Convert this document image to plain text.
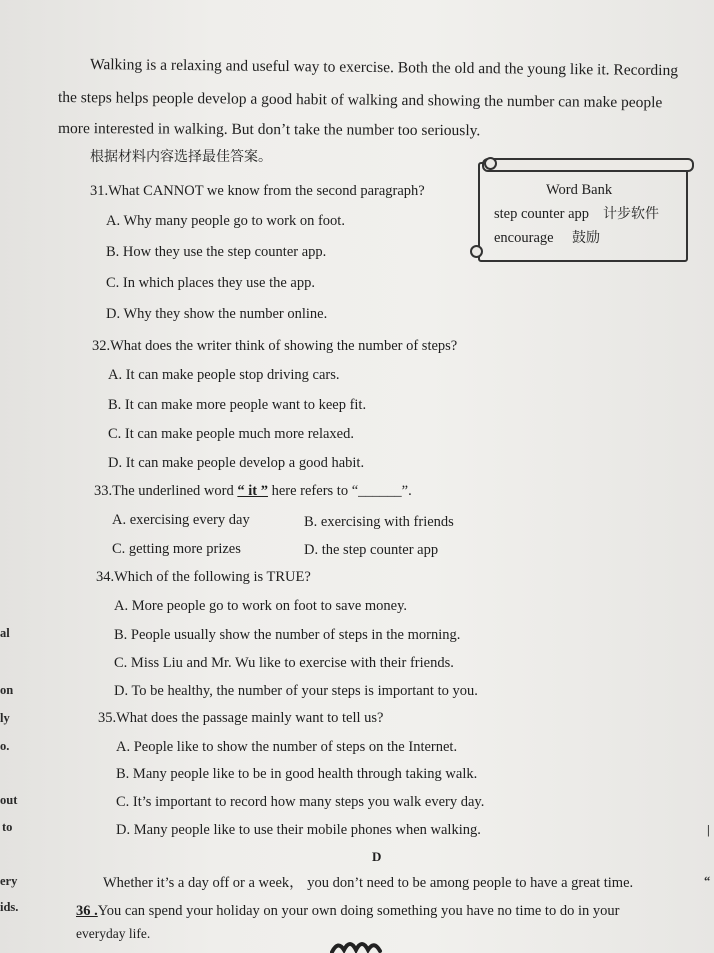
Walking is a relaxing and useful way to exercise. Both the old and the young like it. Recording
the steps helps people develop a good habit of walking and showing the number can make people
more interested in walking. But don’t take the number too seriously.
根据材料内容选择最佳答案。
Word Bank
step counter app 计步软件
encourage 鼓励
31.What CANNOT we know from the second paragraph?
A. Why many people go to work on foot.
B. How they use the step counter app.
C. In which places they use the app.
D. Why they show the number online.
32.What does the writer think of showing the number of steps?
A. It can make people stop driving cars.
B. It can make more people want to keep fit.
C. It can make people much more relaxed.
D. It can make people develop a good habit.
33.The underlined word “ it ” here refers to “______”.
A. exercising every day	B. exercising with friends
C. getting more prizes	D. the step counter app
34.Which of the following is TRUE?
A. More people go to work on foot to save money.
B. People usually show the number of steps in the morning.
C. Miss Liu and Mr. Wu like to exercise with their friends.
D. To be healthy, the number of your steps is important to you.
35.What does the passage mainly want to tell us?
A. People like to show the number of steps on the Internet.
B. Many people like to be in good health through taking walk.
C. It’s important to record how many steps you walk every day.
D. Many people like to use their mobile phones when walking.
D
Whether it’s a day off or a week， you don’t need to be among people to have a great time.
36 .You can spend your holiday on your own doing something you have no time to do in your
everyday life.
al
on
ly
o.
out
to
ery
ids.
|
“
